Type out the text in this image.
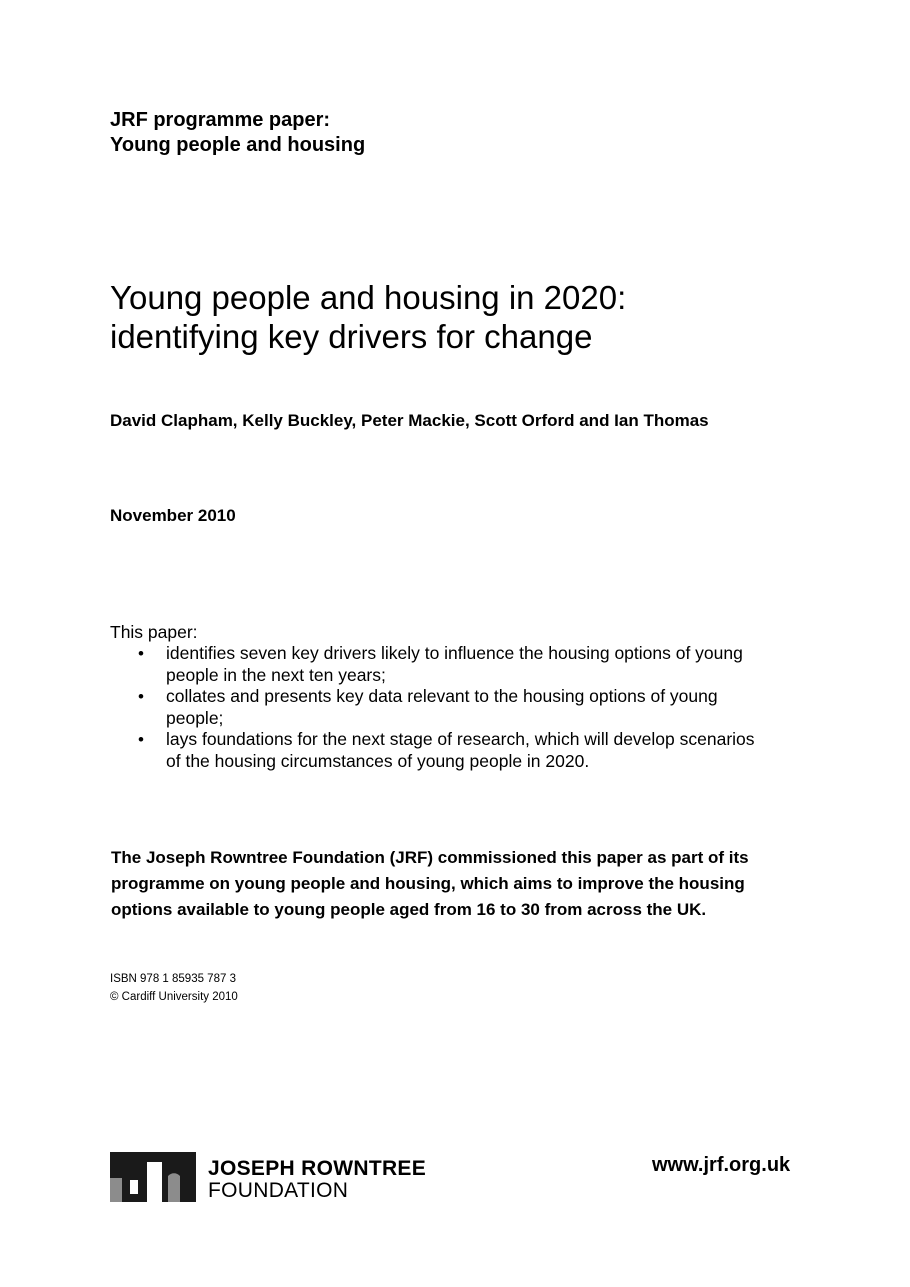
JRF programme paper:
Young people and housing
Young people and housing in 2020:
identifying key drivers for change
David Clapham, Kelly Buckley, Peter Mackie, Scott Orford and Ian Thomas
November 2010
This paper:
• identifies seven key drivers likely to influence the housing options of young
people in the next ten years;
• collates and presents key data relevant to the housing options of young
people;
• lays foundations for the next stage of research, which will develop scenarios
of the housing circumstances of young people in 2020.
The Joseph Rowntree Foundation (JRF) commissioned this paper as part of its
programme on young people and housing, which aims to improve the housing
options available to young people aged from 16 to 30 from across the UK.
ISBN 978 1 85935 787 3
© Cardiff University 2010
JOSEPH ROWNTREE
FOUNDATION
www.jrf.org.uk
